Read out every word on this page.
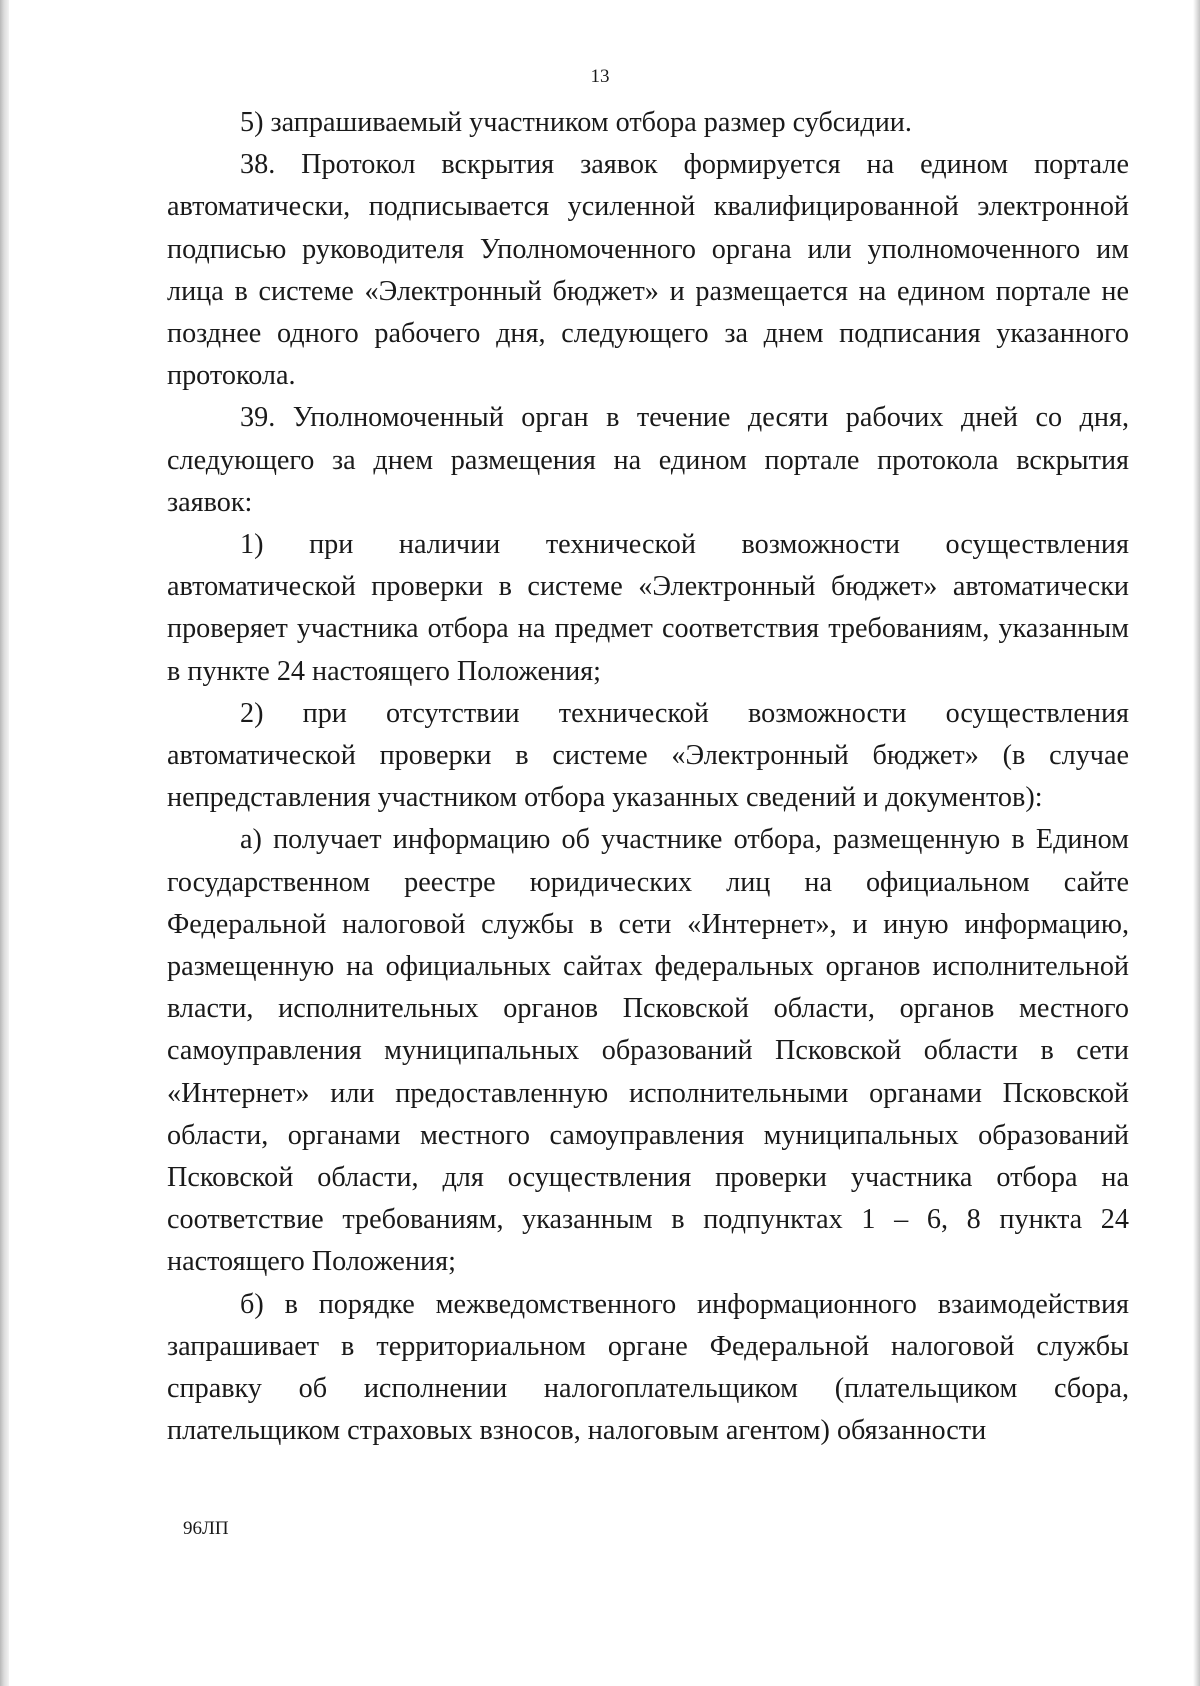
13

5) запрашиваемый участником отбора размер субсидии.

38. Протокол вскрытия заявок формируется на едином портале автоматически, подписывается усиленной квалифицированной электронной подписью руководителя Уполномоченного органа или уполномоченного им лица в системе «Электронный бюджет» и размещается на едином портале не позднее одного рабочего дня, следующего за днем подписания указанного протокола.

39. Уполномоченный орган в течение десяти рабочих дней со дня, следующего за днем размещения на едином портале протокола вскрытия заявок:

1) при наличии технической возможности осуществления автоматической проверки в системе «Электронный бюджет» автоматически проверяет участника отбора на предмет соответствия требованиям, указанным в пункте 24 настоящего Положения;

2) при отсутствии технической возможности осуществления автоматической проверки в системе «Электронный бюджет» (в случае непредставления участником отбора указанных сведений и документов):

а) получает информацию об участнике отбора, размещенную в Едином государственном реестре юридических лиц на официальном сайте Федеральной налоговой службы в сети «Интернет», и иную информацию, размещенную на официальных сайтах федеральных органов исполнительной власти, исполнительных органов Псковской области, органов местного самоуправления муниципальных образований Псковской области в сети «Интернет» или предоставленную исполнительными органами Псковской области, органами местного самоуправления муниципальных образований Псковской области, для осуществления проверки участника отбора на соответствие требованиям, указанным в подпунктах 1 – 6, 8 пункта 24 настоящего Положения;

б) в порядке межведомственного информационного взаимодействия запрашивает в территориальном органе Федеральной налоговой службы справку об исполнении налогоплательщиком (плательщиком сбора, плательщиком страховых взносов, налоговым агентом) обязанности

96ЛП
